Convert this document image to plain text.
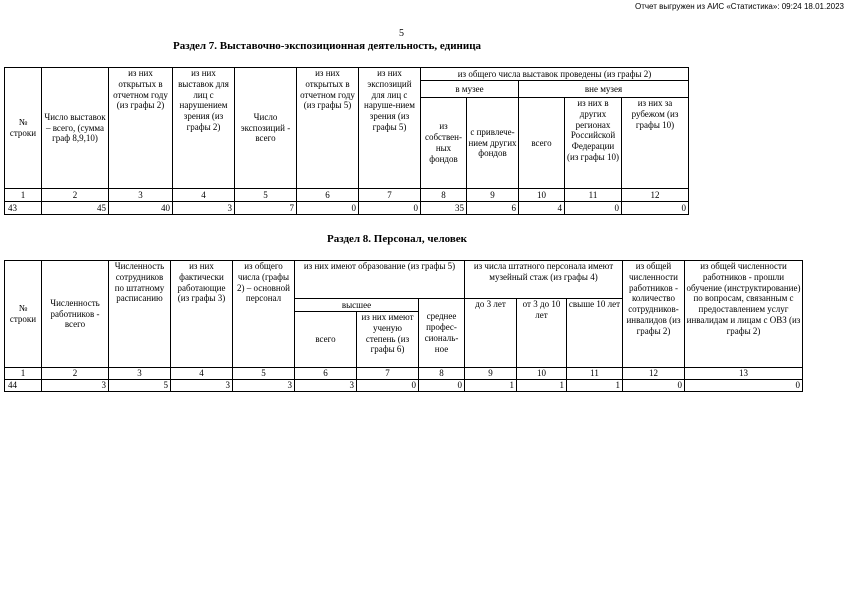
Отчет выгружен из АИС «Статистика»: 09:24 18.01.2023
5
Раздел 7. Выставочно-экспозиционная деятельность, единица
№ строки	Число выставок – всего, (сумма граф 8,9,10)	из них открытых в отчетном году (из графы 2)	из них выставок для лиц с нарушением зрения (из графы 2)	Число экспозиций - всего	из них открытых в отчетном году (из графы 5)	из них экспозиций для лиц с наруше-нием зрения (из графы 5)	из общего числа выставок проведены (из графы 2)				
							в музее		вне музея		
							из собствен-ных фондов	с привлече-нием других фондов	всего	из них в других регионах Российской Федерации (из графы 10)	из них за рубежом (из графы 10)
1	2	3	4	5	6	7	8	9	10	11	12
43	45	40	3	7	0	0	35	6	4	0	0
Раздел 8. Персонал, человек
№ строки	Численность работников - всего	Численность сотрудников по штатному расписанию	из них фактически работающие (из графы 3)	из общего числа (графы 2) – основной персонал	из них имеют образование (из графы 5)			из числа штатного персонала имеют музейный стаж (из графы 4)			из общей численности работников - количество сотрудников-инвалидов (из графы 2)	из общей численности работников - прошли обучение (инструктирование) по вопросам, связанным с предоставлением услуг инвалидам и лицам с ОВЗ (из графы 2)
					высшее		среднее профес-сиональ-ное	до 3 лет	от 3 до 10 лет	свыше 10 лет		
					всего	из них имеют ученую степень (из графы 6)						
1	2	3	4	5	6	7	8	9	10	11	12	13
44	3	5	3	3	3	0	0	1	1	1	0	0
